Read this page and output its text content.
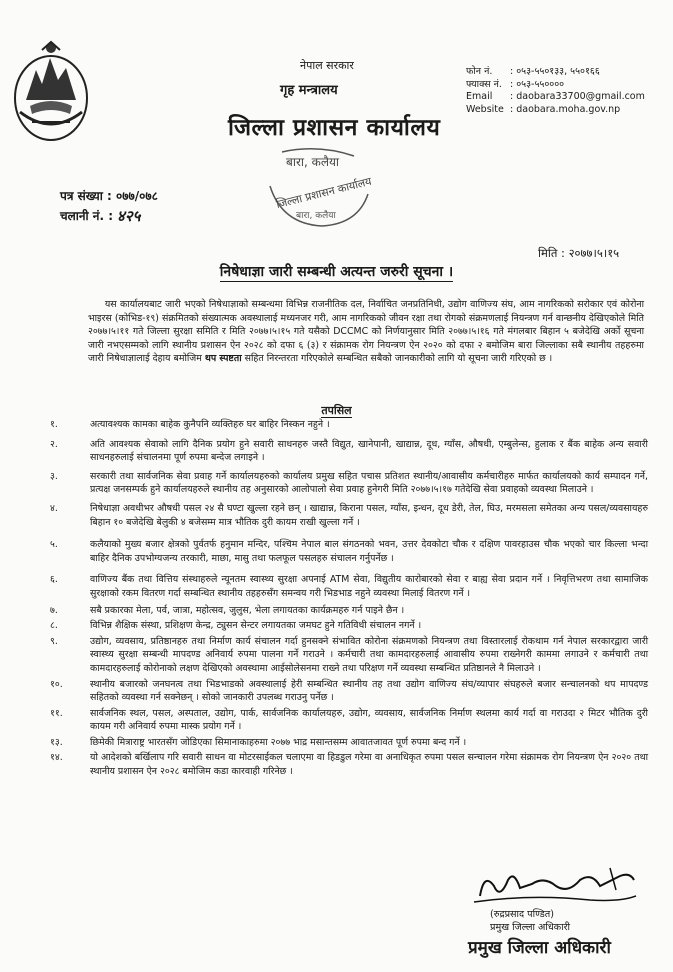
नेपाल सरकार
गृह मन्त्रालय
जिल्ला प्रशासन कार्यालय
फोन नं.	: ०५३-५५०१३३, ५५०१६६
फ्याक्स नं. : ०५३-५५००००
Email	: daobara33700@gmail.com
Website : daobara.moha.gov.np
बारा, कलैया
जिल्ला प्रशासन कार्यालय
बारा, कलैया
पत्र संख्या :
०७७/०७८
चलानी नं. : ४२५
मिति : २०७७।५।१५
निषेधाज्ञा जारी सम्बन्धी अत्यन्त जरुरी सूचना ।
यस कार्यालयबाट जारी भएको निषेधाज्ञाको सम्बन्धमा विभिन्न राजनीतिक दल, निर्वाचित जनप्रतिनिधी, उद्योग वाणिज्य संघ, आम नागरिकको सरोकार एवं कोरोना भाइरस (कोभिड-१९) संक्रमितको संख्यात्मक अवस्थालाई मध्यनजर गरी, आम नागरिकको जीवन रक्षा तथा रोगको संक्रमणलाई नियन्त्रण गर्न वान्छनीय देखिएकोले मिति २०७७।५।११ गते जिल्ला सुरक्षा समिति र मिति २०७७।५।१५ गते यसैको DCCMC को निर्णयानुसार मिति २०७७।५।१६ गते मंगलबार बिहान ५ बजेदेखि अर्को सूचना जारी नभएसम्मको लागि स्थानीय प्रशासन ऐन २०२८ को दफा ६ (३) र संक्रामक रोग नियन्त्रण ऐन २०२० को दफा २ बमोजिम बारा जिल्लाका सबै स्थानीय तहहरुमा जारी निषेधाज्ञालाई देहाय बमोजिम थप स्पष्टता सहित निरन्तरता गरिएकोले सम्बन्धित सबैको जानकारीको लागि यो सूचना जारी गरिएको छ ।
तपसिल
१.	अत्यावश्यक कामका बाहेक कुनैपनि व्यक्तिहरु घर बाहिर निस्कन नहुने ।
२.	अति आवश्यक सेवाको लागि दैनिक प्रयोग हुने सवारी साधनहरु जस्तै विद्युत, खानेपानी, खाद्यान्न, दूध, ग्याँस, औषधी, एम्बुलेन्स, हुलाक र बैंक बाहेक अन्य सवारी साधनहरुलाई संचालनमा पूर्ण रुपमा बन्देज लगाइने ।
३.	सरकारी तथा सार्वजनिक सेवा प्रवाह गर्ने कार्यालयहरुको कार्यालय प्रमुख सहित पचास प्रतिशत स्थानीय/आवासीय कर्मचारीहरु मार्फत कार्यालयको कार्य सम्पादन गर्ने, प्रत्यक्ष जनसम्पर्क हुने कार्यालयहरुले स्थानीय तह अनुसारको आलोपालो सेवा प्रवाह हुनेगरी मिति २०७७।५।१७ गतेदेखि सेवा प्रवाहको व्यवस्था मिलाउने ।
४.	निषेधाज्ञा अवधीभर औषधी पसल २४ सै घण्टा खुल्ला रहने छन् । खाद्यान्न, किराना पसल, ग्याँस, इन्धन, दूध डेरी, तेल, घिउ, मरमसला समेतका अन्य पसल/व्यवसायहरु बिहान १० बजेदेखि बेलुकी ४ बजेसम्म मात्र भौतिक दुरी कायम राखी खुल्ला गर्ने ।
५.	कलैयाको मुख्य बजार क्षेत्रको पुर्वतर्फ हनुमान मन्दिर, पश्चिम नेपाल बाल संगठनको भवन, उत्तर देवकोटा चौक र दक्षिण पावरहाउस चौक भएको चार किल्ला भन्दा बाहिर दैनिक उपभोग्यजन्य तरकारी, माछा, मासु तथा फलफूल पसलहरु संचालन गर्नुपर्नेछ ।
६.	वाणिज्य बैंक तथा वित्तिय संस्थाहरुले न्यूनतम स्वास्थ्य सुरक्षा अपनाई ATM सेवा, विद्युतीय कारोबारको सेवा र बाह्य सेवा प्रदान गर्ने । निवृत्तिभरण तथा सामाजिक सुरक्षाको रकम वितरण गर्दा सम्बन्धित स्थानीय तहहरुसँग समन्वय गरी भिडभाड नहुने व्यवस्था मिलाई वितरण गर्ने ।
७.	सबै प्रकारका मेला, पर्व, जात्रा, महोत्सव, जुलुस, भेला लगायतका कार्यक्रमहरु गर्न पाइने छैन ।
८.	विभिन्न शैक्षिक संस्था, प्रशिक्षण केन्द्र, ट्युसन सेन्टर लगायतका जमघट हुने गतिविधी संचालन नगर्ने ।
९.	उद्योग, व्यवसाय, प्रतिष्ठानहरु तथा निर्माण कार्य संचालन गर्दा हुनसक्ने संभावित कोरोना संक्रमणको नियन्त्रण तथा विस्तारलाई रोकथाम गर्न नेपाल सरकारद्वारा जारी स्वास्थ्य सुरक्षा सम्बन्धी मापदण्ड अनिवार्य रुपमा पालना गर्ने गराउने । कर्मचारी तथा कामदारहरुलाई आवासीय रुपमा राख्नेगरी काममा लगाउने र कर्मचारी तथा कामदारहरुलाई कोरोनाको लक्षण देखिएको अवस्थामा आईसोलेसनमा राख्ने तथा परिक्षण गर्ने व्यवस्था सम्बन्धित प्रतिष्ठानले नै मिलाउने ।
१०.	स्थानीय बजारको जनघनत्व तथा भिडभाडको अवस्थालाई हेरी सम्बन्धित स्थानीय तह तथा उद्योग वाणिज्य संघ/व्यापार संघहरुले बजार सन्चालनको थप मापदण्ड सहितको व्यवस्था गर्न सक्नेछन् । सोको जानकारी उपलब्ध गराउनु पर्नेछ ।
११.	सार्वजनिक स्थल, पसल, अस्पताल, उद्योग, पार्क, सार्वजनिक कार्यालयहरु, उद्योग, व्यवसाय, सार्वजनिक निर्माण स्थलमा कार्य गर्दा वा गराउदा २ मिटर भौतिक दुरी कायम गरी अनिवार्य रुपमा मास्क प्रयोग गर्ने ।
१३.	छिमेकी मित्राराष्ट्र भारतसँग जोडिएका सिमानाकाहरुमा २०७७ भाद्र मसान्तसम्म आवातजावत पूर्ण रुपमा बन्द गर्ने ।
१४.	यो आदेशको बर्खिलाप गरि सवारी साधन वा मोटरसाईकल चलाएमा वा हिडडुल गरेमा वा अनाधिकृत रुपमा पसल सन्चालन गरेमा संक्रामक रोग नियन्त्रण ऐन २०२० तथा स्थानीय प्रशासन ऐन २०२८ बमोजिम कडा कारवाही गरिनेछ ।
(रुद्रप्रसाद पण्डित)
प्रमुख जिल्ला अधिकारी
प्रमुख जिल्ला अधिकारी
